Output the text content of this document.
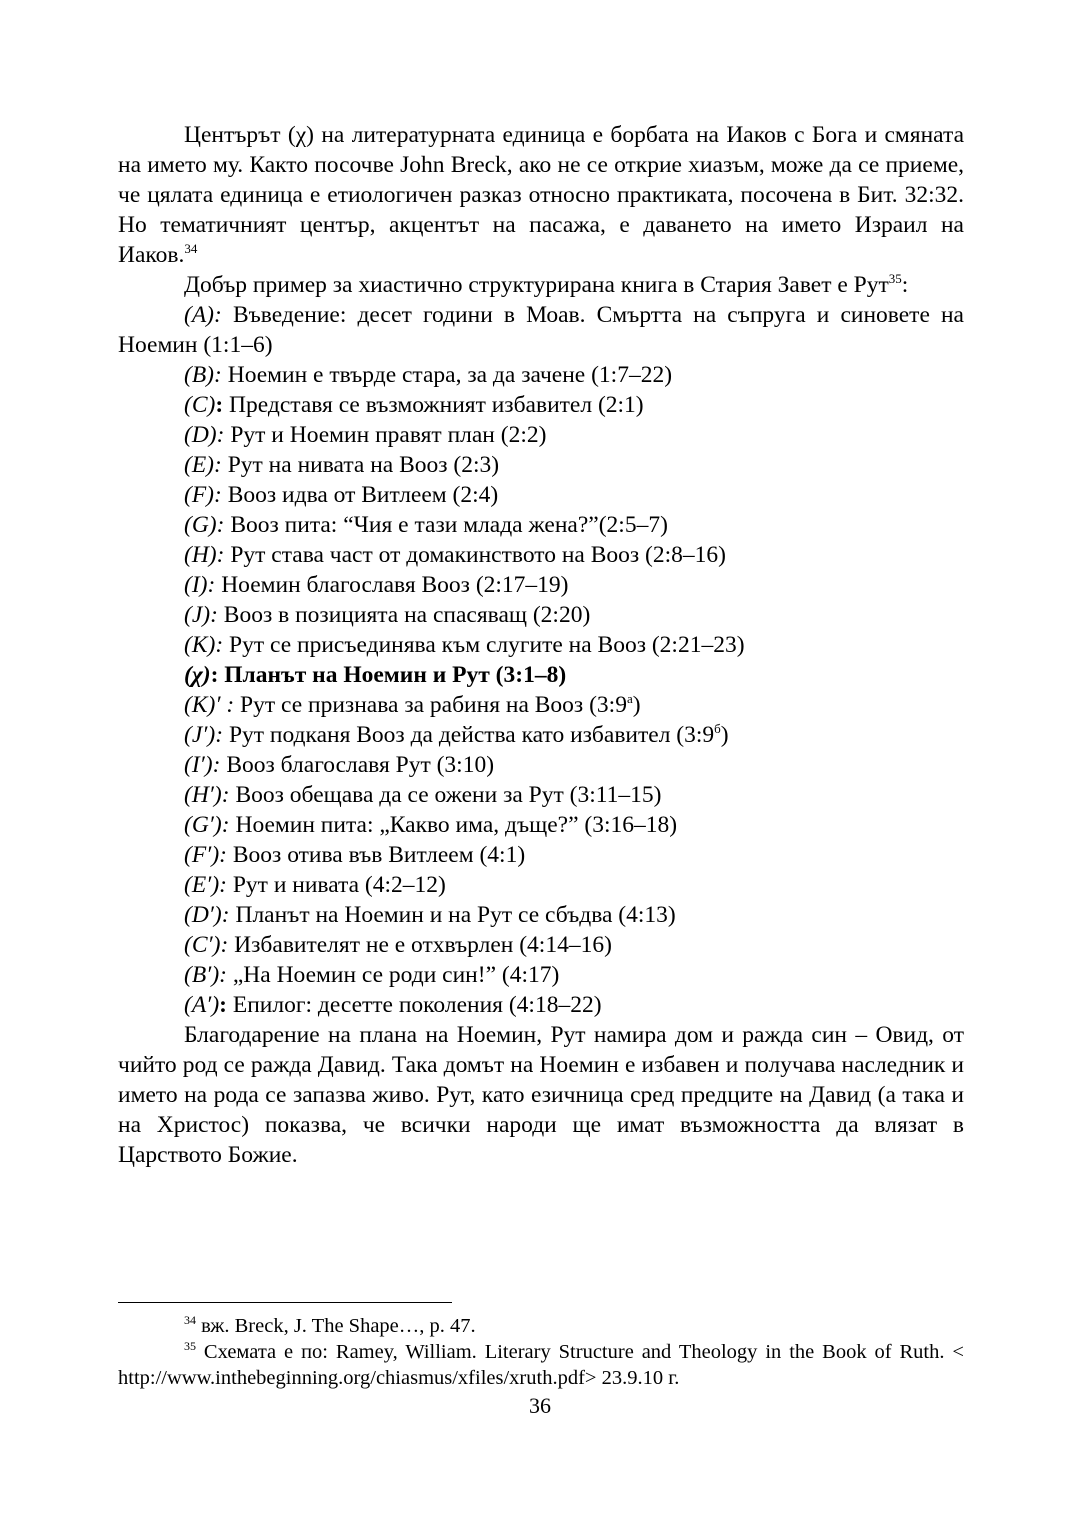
Центърът (χ) на литературната единица е борбата на Иаков с Бога и смяната на името му. Както посочве John Breck, ако не се открие хиазъм, може да се приеме, че цялата единица е етиологичен разказ относно практиката, посочена в Бит. 32:32. Но тематичният център, акцентът на пасажа, е даването на името Израил на Иаков.$^{34}$

Добър пример за хиастично структурирана книга в Стария Завет е Рут$^{35}$:

(A): Въведение: десет години в Моав. Смъртта на съпруга и синовете на Ноемин (1:1–6)

(B): Ноемин е твърде стара, за да зачене (1:7–22)

(C): Представя се възможният избавител (2:1)

(D): Рут и Ноемин правят план (2:2)

(E): Рут на нивата на Вооз (2:3)

(F): Вооз идва от Витлеем (2:4)

(G): Вооз пита: “Чия е тази млада жена?”(2:5–7)

(H): Рут става част от домакинството на Вооз (2:8–16)

(I): Ноемин благославя Вооз (2:17–19)

(J): Вооз в позицията на спасяващ (2:20)

(K): Рут се присъединява към слугите на Вооз (2:21–23)

(χ): Планът на Ноемин и Рут (3:1–8)

(K)′ : Рут се признава за рабиня на Вооз $(3:9^а)$

(J′): Рут подканя Вооз да действа като избавител $(3:9^б)$

(I′): Вооз благославя Рут (3:10)

(H′): Вооз обещава да се ожени за Рут (3:11–15)

(G′): Ноемин пита: „Какво има, дъще?” (3:16–18)

(F′): Вооз отива във Витлеем (4:1)

(E′): Рут и нивата (4:2–12)

(D′): Планът на Ноемин и на Рут се сбъдва (4:13)

(C′): Избавителят не е отхвърлен (4:14–16)

(B′): „На Ноемин се роди син!” (4:17)

(A′): Епилог: десетте поколения (4:18–22)

Благодарение на плана на Ноемин, Рут намира дом и ражда син – Овид, от чийто род се ражда Давид. Така домът на Ноемин е избавен и получава наследник и името на рода се запазва живо. Рут, като езичница сред предците на Давид (а така и на Христос) показва, че всички народи ще имат възможността да влязат в Царството Божие.

$^{34}$ вж. Breck, J. The Shape…, p. 47.

$^{35}$ Схемата е по: Ramey, William. Literary Structure and Theology in the Book of Ruth. < http://www.inthebeginning.org/chiasmus/xfiles/xruth.pdf> 23.9.10 г.

36
